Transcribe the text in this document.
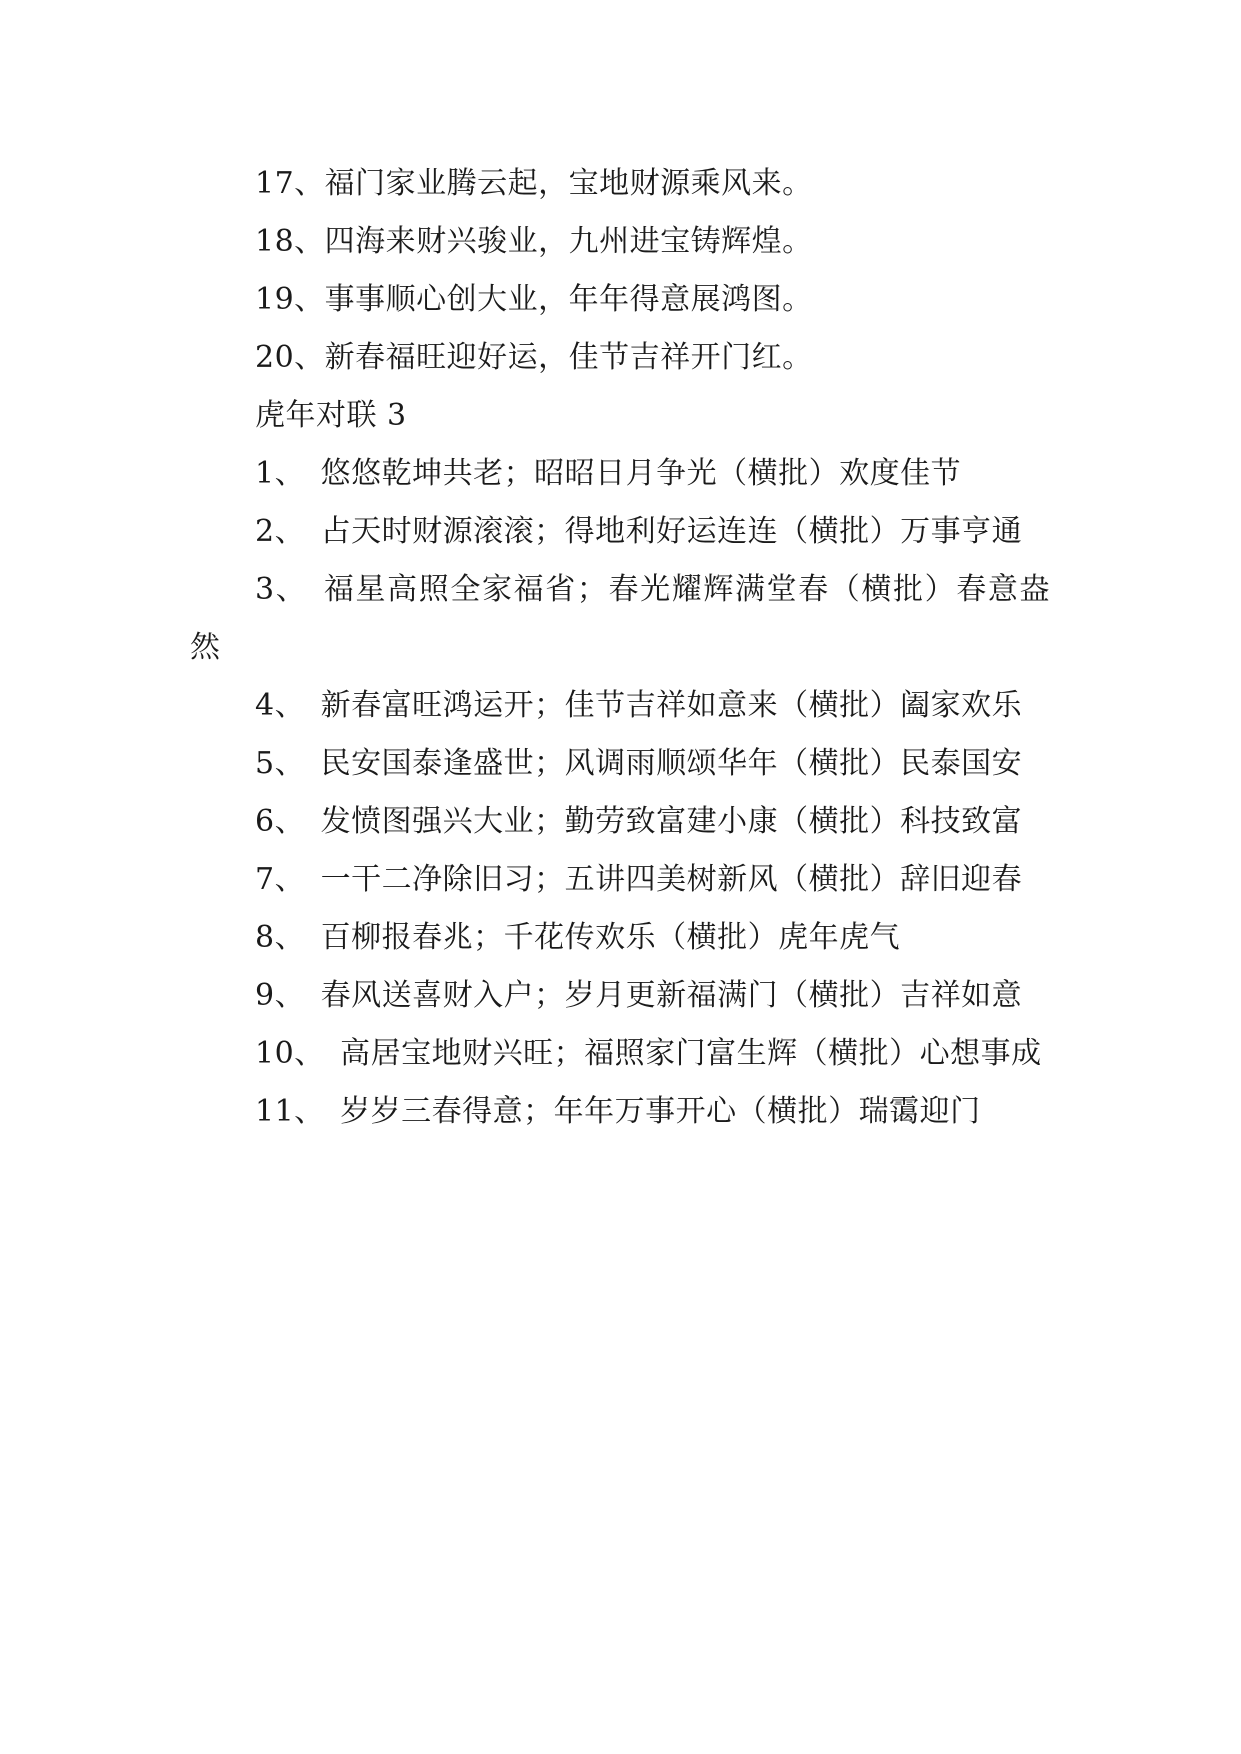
17、福门家业腾云起，宝地财源乘风来。

18、四海来财兴骏业，九州进宝铸辉煌。

19、事事顺心创大业，年年得意展鸿图。

20、新春福旺迎好运，佳节吉祥开门红。

虎年对联 3

1、　悠悠乾坤共老；昭昭日月争光（横批）欢度佳节

2、　占天时财源滚滚；得地利好运连连（横批）万事亨通

3、　福星高照全家福省；春光耀辉满堂春（横批）春意盎然

4、　新春富旺鸿运开；佳节吉祥如意来（横批）阖家欢乐

5、　民安国泰逢盛世；风调雨顺颂华年（横批）民泰国安

6、　发愤图强兴大业；勤劳致富建小康（横批）科技致富

7、　一干二净除旧习；五讲四美树新风（横批）辞旧迎春

8、　百柳报春兆；千花传欢乐（横批）虎年虎气

9、　春风送喜财入户；岁月更新福满门（横批）吉祥如意

10、　高居宝地财兴旺；福照家门富生辉（横批）心想事成

11、　岁岁三春得意；年年万事开心（横批）瑞霭迎门
